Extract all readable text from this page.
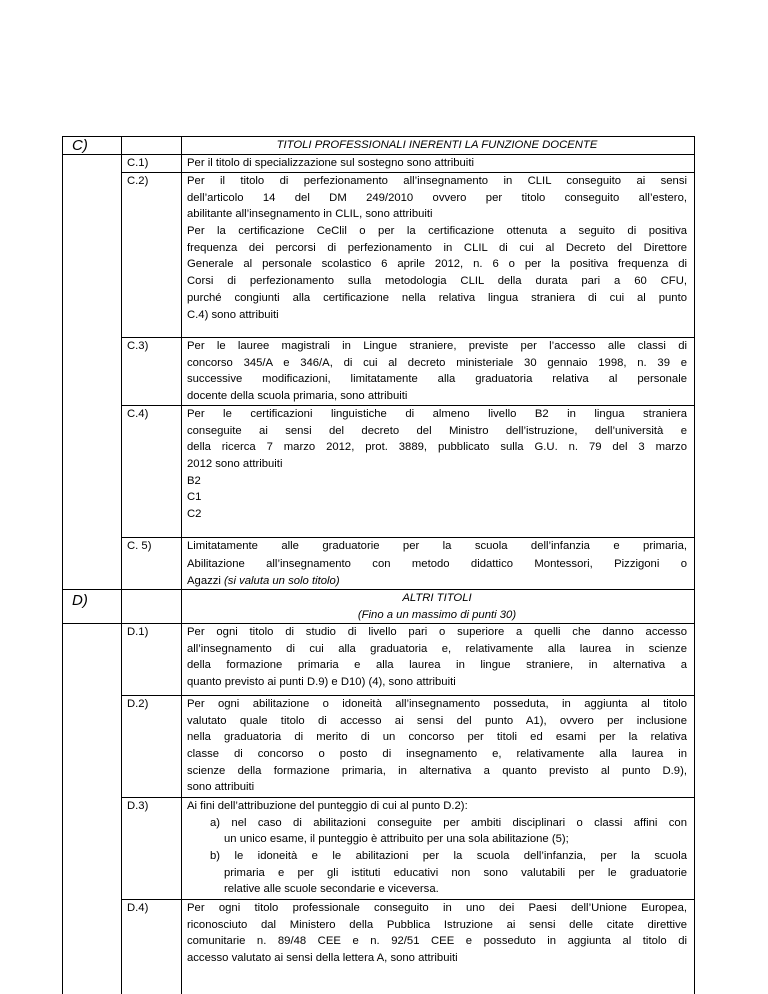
C)	TITOLI PROFESSIONALI INERENTI LA FUNZIONE DOCENTE
C.1)	Per il titolo di specializzazione sul sostegno sono attribuiti
C.2)	Per il titolo di perfezionamento all’insegnamento in CLIL conseguito ai sensi
dell’articolo 14 del DM 249/2010 ovvero per titolo conseguito all’estero,
abilitante all’insegnamento in CLIL, sono attribuiti
Per la certificazione CeClil o per la certificazione ottenuta a seguito di positiva
frequenza dei percorsi di perfezionamento in CLIL di cui al Decreto del Direttore
Generale al personale scolastico 6 aprile 2012, n. 6 o per la positiva frequenza di
Corsi di perfezionamento sulla metodologia CLIL della durata pari a 60 CFU,
purché congiunti alla certificazione nella relativa lingua straniera di cui al punto
C.4) sono attribuiti
C.3)	Per le lauree magistrali in Lingue straniere, previste per l’accesso alle classi di
concorso 345/A e 346/A, di cui al decreto ministeriale 30 gennaio 1998, n. 39 e
successive modificazioni, limitatamente alla graduatoria relativa al personale
docente della scuola primaria, sono attribuiti
C.4)	Per le certificazioni linguistiche di almeno livello B2 in lingua straniera
conseguite ai sensi del decreto del Ministro dell’istruzione, dell’università e
della ricerca 7 marzo 2012, prot. 3889, pubblicato sulla G.U. n. 79 del 3 marzo
2012 sono attribuiti
B2
C1
C2
C. 5)	Limitatamente alle graduatorie per la scuola dell’infanzia e primaria,
Abilitazione all’insegnamento con metodo didattico Montessori, Pizzigoni o
Agazzi (si valuta un solo titolo)
D)	ALTRI TITOLI
(Fino a un massimo di punti 30)
D.1)	Per ogni titolo di studio di livello pari o superiore a quelli che danno accesso
all’insegnamento di cui alla graduatoria e, relativamente alla laurea in scienze
della formazione primaria e alla laurea in lingue straniere, in alternativa a
quanto previsto ai punti D.9) e D10) (4), sono attribuiti
D.2)	Per ogni abilitazione o idoneità all’insegnamento posseduta, in aggiunta al titolo
valutato quale titolo di accesso ai sensi del punto A1), ovvero per inclusione
nella graduatoria di merito di un concorso per titoli ed esami per la relativa
classe di concorso o posto di insegnamento e, relativamente alla laurea in
scienze della formazione primaria, in alternativa a quanto previsto al punto D.9),
sono attribuiti
D.3)	Ai fini dell’attribuzione del punteggio di cui al punto D.2):
a) nel caso di abilitazioni conseguite per ambiti disciplinari o classi affini con
un unico esame, il punteggio è attribuito per una sola abilitazione (5);
b) le idoneità e le abilitazioni per la scuola dell’infanzia, per la scuola
primaria e per gli istituti educativi non sono valutabili per le graduatorie
relative alle scuole secondarie e viceversa.
D.4)	Per ogni titolo professionale conseguito in uno dei Paesi dell’Unione Europea,
riconosciuto dal Ministero della Pubblica Istruzione ai sensi delle citate direttive
comunitarie n. 89/48 CEE e n. 92/51 CEE e posseduto in aggiunta al titolo di
accesso valutato ai sensi della lettera A, sono attribuiti
